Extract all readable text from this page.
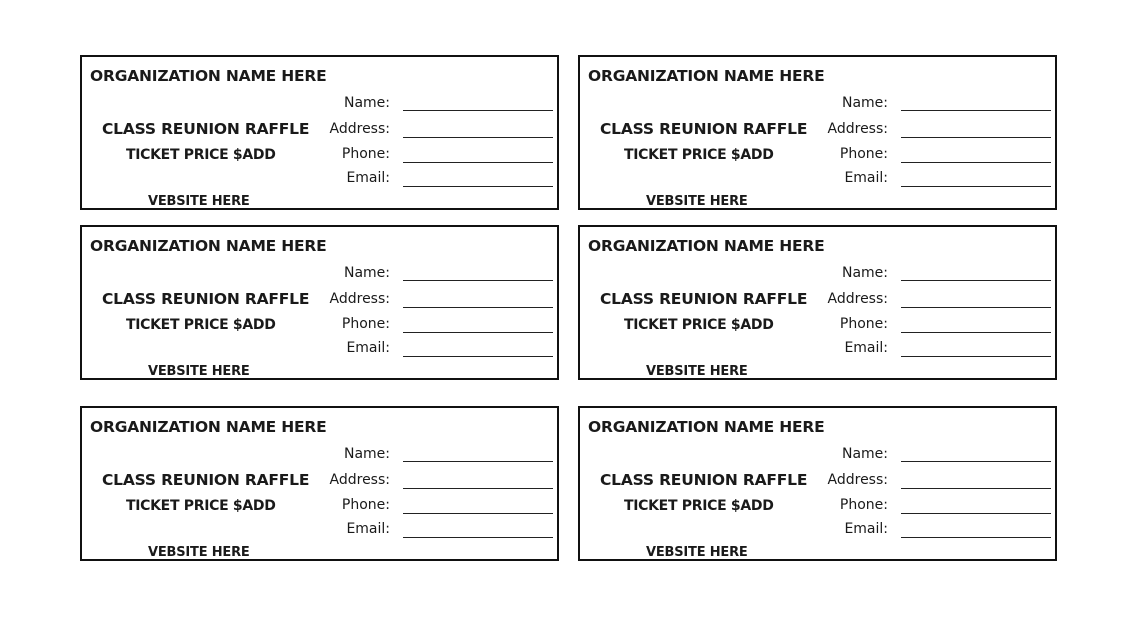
ORGANIZATION NAME HERE
CLASS REUNION RAFFLE
TICKET PRICE $ADD
VEBSITE HERE
Name:
Address:
Phone:
Email:
ORGANIZATION NAME HERE
CLASS REUNION RAFFLE
TICKET PRICE $ADD
VEBSITE HERE
Name:
Address:
Phone:
Email:
ORGANIZATION NAME HERE
CLASS REUNION RAFFLE
TICKET PRICE $ADD
VEBSITE HERE
Name:
Address:
Phone:
Email:
ORGANIZATION NAME HERE
CLASS REUNION RAFFLE
TICKET PRICE $ADD
VEBSITE HERE
Name:
Address:
Phone:
Email:
ORGANIZATION NAME HERE
CLASS REUNION RAFFLE
TICKET PRICE $ADD
VEBSITE HERE
Name:
Address:
Phone:
Email:
ORGANIZATION NAME HERE
CLASS REUNION RAFFLE
TICKET PRICE $ADD
VEBSITE HERE
Name:
Address:
Phone:
Email:
